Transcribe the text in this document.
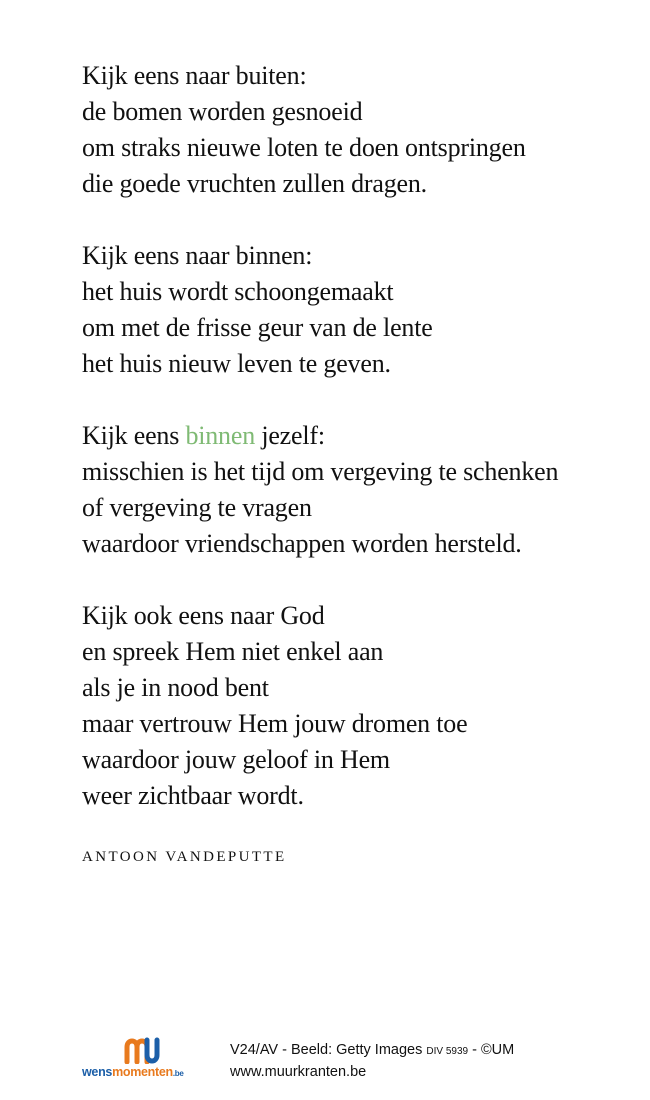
Kijk eens naar buiten:
de bomen worden gesnoeid
om straks nieuwe loten te doen ontspringen
die goede vruchten zullen dragen.
Kijk eens naar binnen:
het huis wordt schoongemaakt
om met de frisse geur van de lente
het huis nieuw leven te geven.
Kijk eens binnen jezelf:
misschien is het tijd om vergeving te schenken
of vergeving te vragen
waardoor vriendschappen worden hersteld.
Kijk ook eens naar God
en spreek Hem niet enkel aan
als je in nood bent
maar vertrouw Hem jouw dromen toe
waardoor jouw geloof in Hem
weer zichtbaar wordt.
ANTOON VANDEPUTTE
wensmomenten.be
V24/AV - Beeld: Getty Images DIV 5939 - ©UM
www.muurkranten.be
